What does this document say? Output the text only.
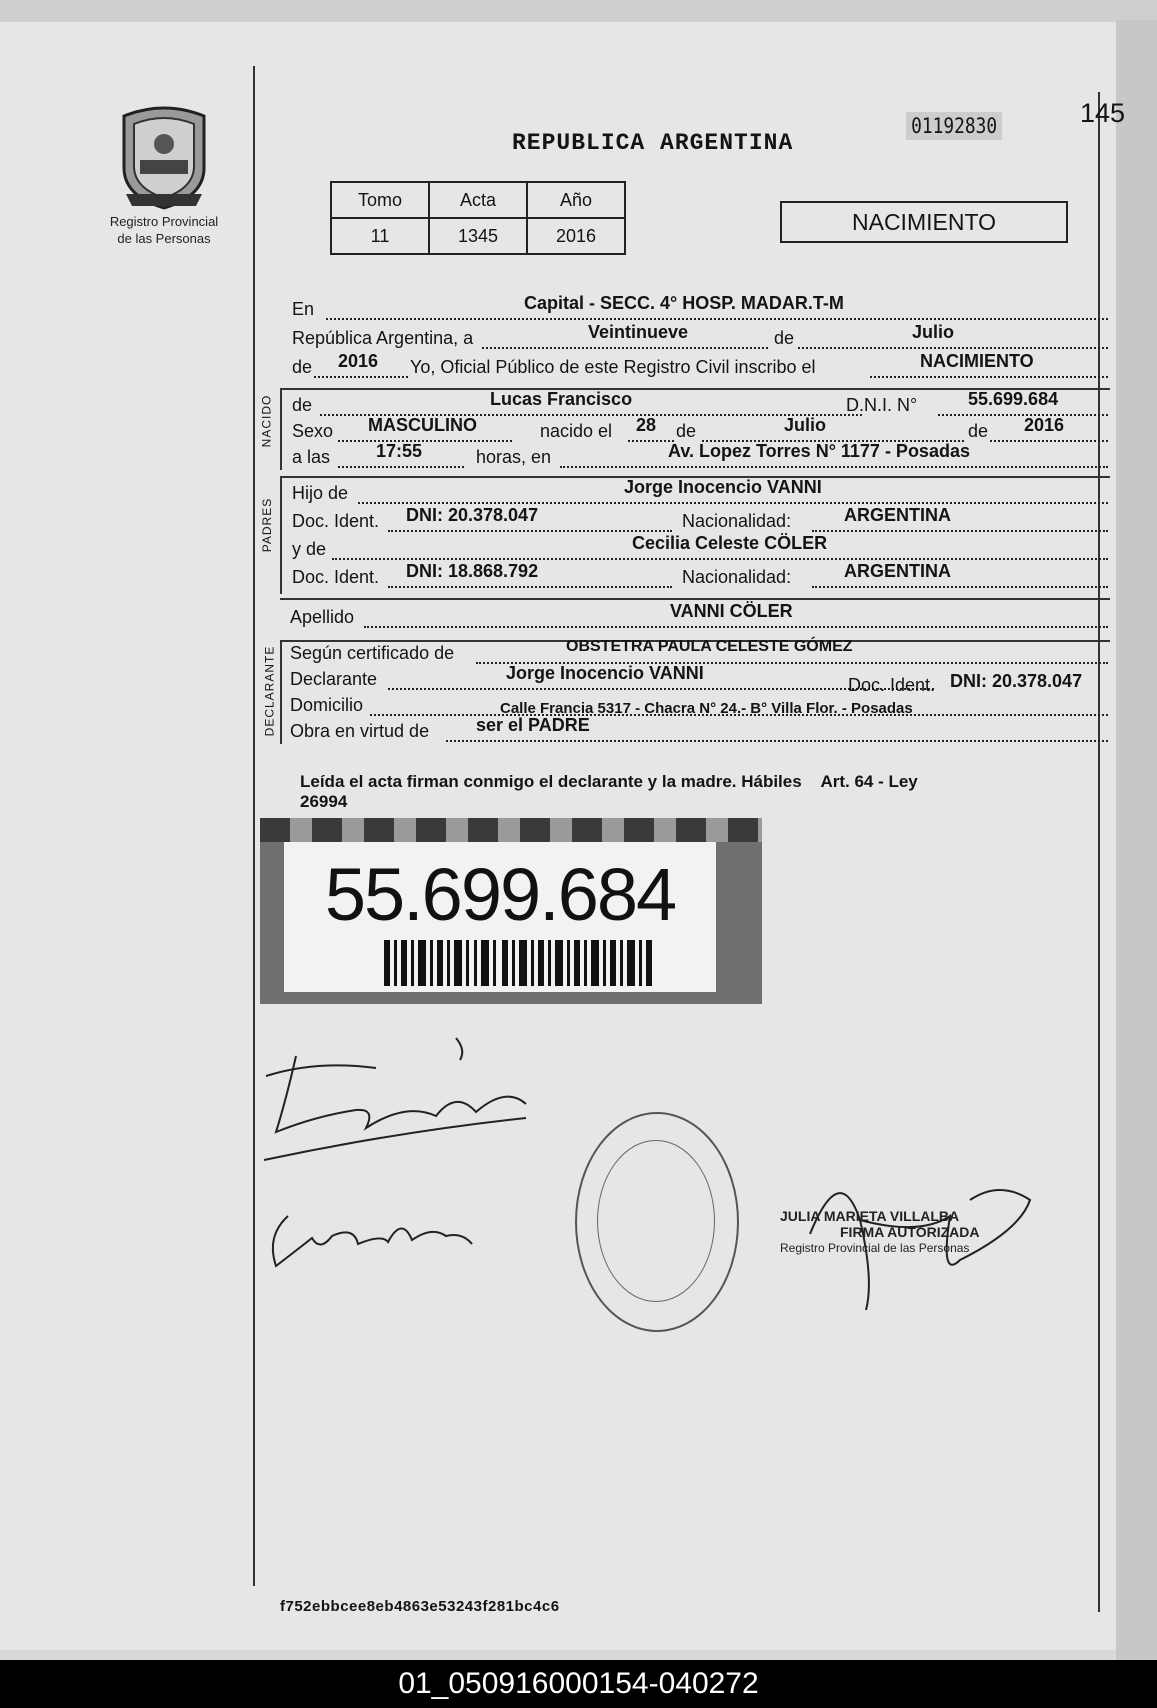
Registro Provincial
de las Personas
REPUBLICA ARGENTINA
01192830	145
Tomo	Acta	Año
11	1345	2016
NACIMIENTO
En	Capital - SECC. 4° HOSP. MADAR.T-M
República Argentina, a	Veintinueve	de	Julio
de 2016 Yo, Oficial Público de este Registro Civil inscribo el	NACIMIENTO
NACIDO de	Lucas Francisco	D.N.I. N°	55.699.684
Sexo MASCULINO	nacido el 28 de	Julio	de 2016
a las	17:55	horas, en	Av. Lopez Torres N° 1177 - Posadas
PADRES
Hijo de	Jorge Inocencio VANNI
Doc. Ident. DNI: 20.378.047	Nacionalidad:	ARGENTINA
y de	Cecilia Celeste CÖLER
Doc. Ident. DNI: 18.868.792	Nacionalidad:	ARGENTINA
Apellido	VANNI CÖLER
DECLARANTE Según certificado de	OBSTETRA PAULA CELESTE GÓMEZ
Declarante	Jorge Inocencio VANNI
Doc. Ident. DNI: 20.378.047
Domicilio	Calle Francia 5317 - Chacra N° 24.- B° Villa Flor. - Posadas
Obra en virtud de	ser el PADRE
Leída el acta firman conmigo el declarante y la madre. Hábiles Art. 64 - Ley
26994
55.699.684
JULIA MARIETA VILLALBA
FIRMA AUTORIZADA
Registro Provincial de las Personas
f752ebbcee8eb4863e53243f281bc4c6
01_050916000154-040272
